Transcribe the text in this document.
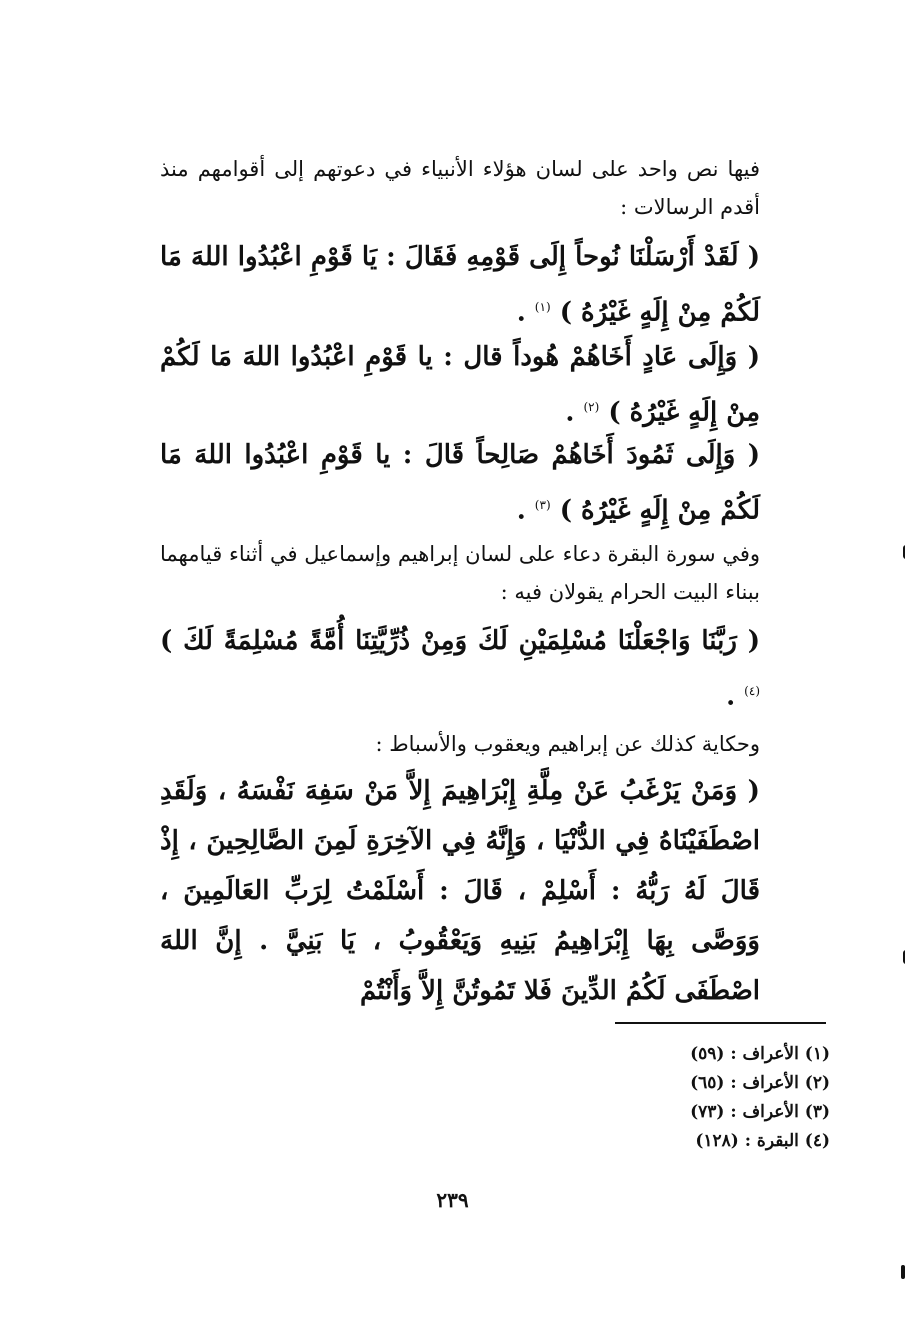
فيها نص واحد على لسان هؤلاء الأنبياء في دعوتهم إلى أقوامهم منذ أقدم الرسالات :
( لَقَدْ أَرْسَلْنَا نُوحاً إِلَى قَوْمِهِ فَقَالَ : يَا قَوْمِ اعْبُدُوا اللهَ مَا لَكُمْ مِنْ إِلَهٍ غَيْرُهُ ) $^{(١)}$ .
( وَإِلَى عَادٍ أَخَاهُمْ هُوداً قال : يا قَوْمِ اعْبُدُوا اللهَ مَا لَكُمْ مِنْ إِلَهٍ غَيْرُهُ ) $^{(٢)}$ .
( وَإِلَى ثَمُودَ أَخَاهُمْ صَالِحاً قَالَ : يا قَوْمِ اعْبُدُوا اللهَ مَا لَكُمْ مِنْ إِلَهٍ غَيْرُهُ ) $^{(٣)}$ .
وفي سورة البقرة دعاء على لسان إبراهيم وإسماعيل في أثناء قيامهما ببناء البيت الحرام يقولان فيه :
( رَبَّنَا وَاجْعَلْنَا مُسْلِمَيْنِ لَكَ وَمِنْ ذُرِّيَّتِنَا أُمَّةً مُسْلِمَةً لَكَ ) $^{(٤)}$ .
وحكاية كذلك عن إبراهيم ويعقوب والأسباط :
( وَمَنْ يَرْغَبُ عَنْ مِلَّةِ إِبْرَاهِيمَ إِلاَّ مَنْ سَفِهَ نَفْسَهُ ، وَلَقَدِ اصْطَفَيْنَاهُ فِي الدُّنْيَا ، وَإِنَّهُ فِي الآخِرَةِ لَمِنَ الصَّالِحِينَ ، إِذْ قَالَ لَهُ رَبُّهُ : أَسْلِمْ ، قَالَ : أَسْلَمْتُ لِرَبِّ العَالَمِينَ ، وَوَصَّى بِهَا إِبْرَاهِيمُ بَنِيهِ وَيَعْقُوبُ ، يَا بَنِيَّ . إِنَّ اللهَ اصْطَفَى لَكُمُ الدِّينَ فَلا تَمُوتُنَّ إِلاَّ وَأَنْتُمْ
(١) الأعراف : (٥٩)
(٢) الأعراف : (٦٥)
(٣) الأعراف : (٧٣)
(٤) البقرة : (١٢٨)
٢٣٩
